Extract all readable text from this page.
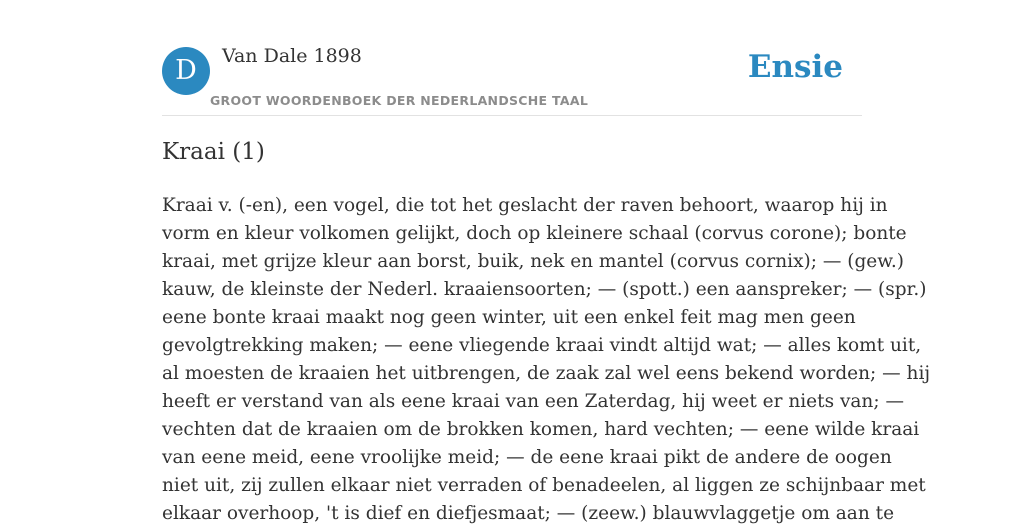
D	Van Dale 1898
GROOT WOORDENBOEK DER NEDERLANDSCHE TAAL
Ensie
Kraai (1)
Kraai v. (-en), een vogel, die tot het geslacht der raven behoort, waarop hij in
vorm en kleur volkomen gelijkt, doch op kleinere schaal (corvus corone); bonte
kraai, met grijze kleur aan borst, buik, nek en mantel (corvus cornix); — (gew.)
kauw, de kleinste der Nederl. kraaiensoorten; — (spott.) een aanspreker; — (spr.)
eene bonte kraai maakt nog geen winter, uit een enkel feit mag men geen
gevolgtrekking maken; — eene vliegende kraai vindt altijd wat; — alles komt uit,
al moesten de kraaien het uitbrengen, de zaak zal wel eens bekend worden; — hij
heeft er verstand van als eene kraai van een Zaterdag, hij weet er niets van; —
vechten dat de kraaien om de brokken komen, hard vechten; — eene wilde kraai
van eene meid, eene vroolijke meid; — de eene kraai pikt de andere de oogen
niet uit, zij zullen elkaar niet verraden of benadeelen, al liggen ze schijnbaar met
elkaar overhoop, 't is dief en diefjesmaat; — (zeew.) blauwvlaggetje om aan te
